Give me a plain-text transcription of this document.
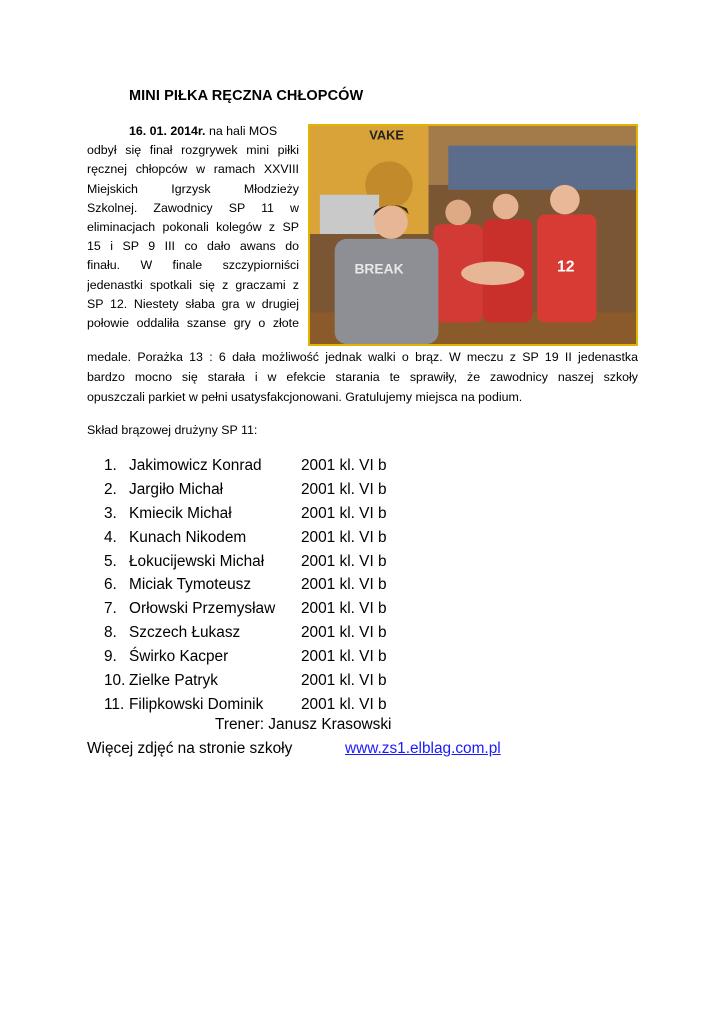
MINI PIŁKA RĘCZNA CHŁOPCÓW
16. 01. 2014r. na hali MOS
odbył się finał rozgrywek mini piłki
ręcznej chłopców w ramach XXVIII
Miejskich Igrzysk Młodzieży
Szkolnej. Zawodnicy SP 11 w
eliminacjach pokonali kolegów z SP
15 i SP 9 III co dało awans do
finału. W finale szczypiorniści
jedenastki spotkali się z graczami z
SP 12. Niestety słaba gra w drugiej
połowie oddaliła szanse gry o złote
VAKE
12
BREAK
medale. Porażka 13 : 6 dała możliwość jednak walki o brąz. W meczu z SP 19 II jedenastka
bardzo mocno się starała i w efekcie starania te sprawiły, że zawodnicy naszej szkoły
opuszczali parkiet w pełni usatysfakcjonowani. Gratulujemy miejsca na podium.
Skład brązowej drużyny SP 11:
1. Jakimowicz Konrad	2001 kl. VI b
2. Jargiło Michał	2001 kl. VI b
3. Kmiecik Michał	2001 kl. VI b
4. Kunach Nikodem	2001 kl. VI b
5. Łokucijewski Michał 2001 kl. VI b
6. Miciak Tymoteusz	2001 kl. VI b
7. Orłowski Przemysław 2001 kl. VI b
8. Szczech Łukasz	2001 kl. VI b
9. Świrko Kacper	2001 kl. VI b
10. Zielke Patryk	2001 kl. VI b
11. Filipkowski Dominik 2001 kl. VI b
Trener: Janusz Krasowski
Więcej zdjęć na stronie szkoły	www.zs1.elblag.com.pl
